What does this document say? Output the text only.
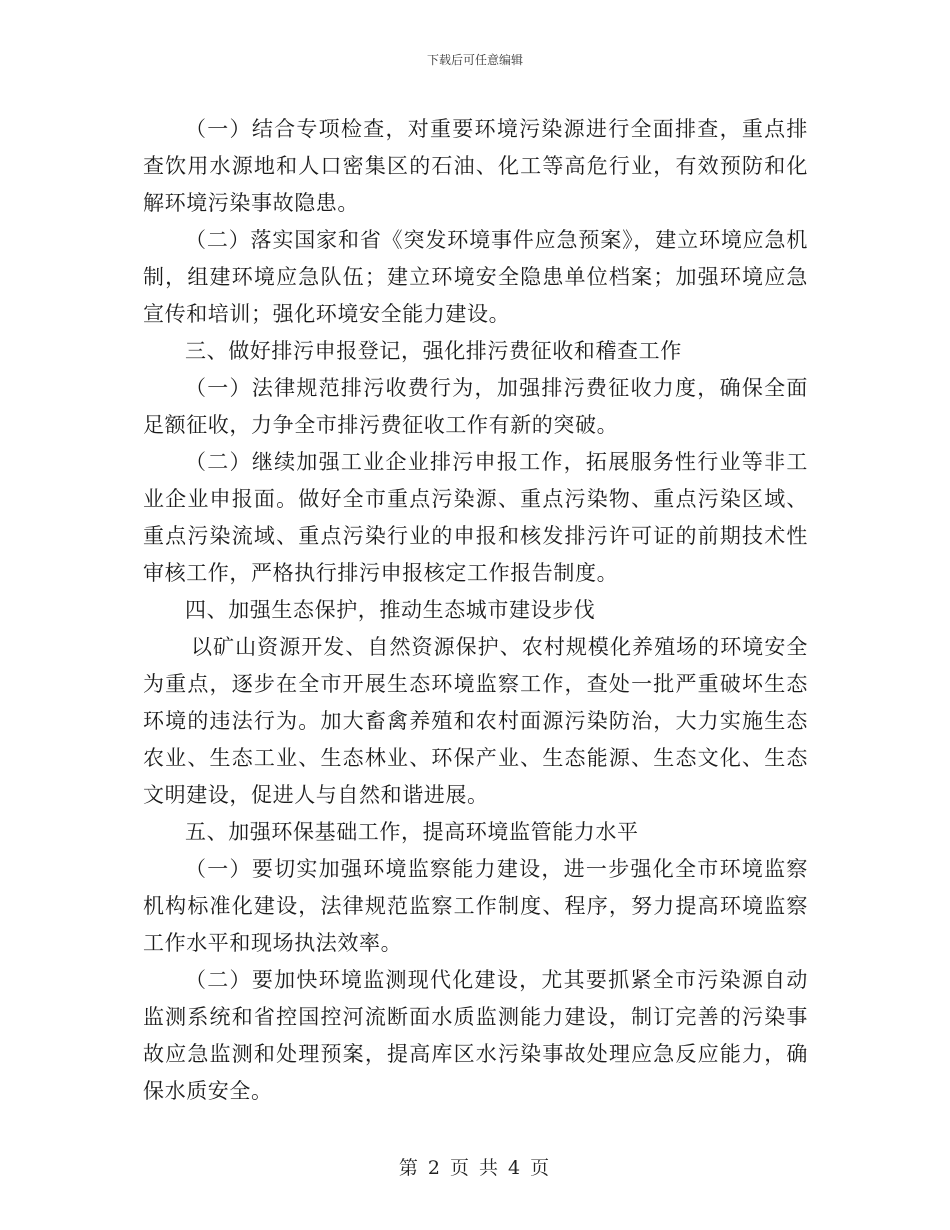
下载后可任意编辑

（一）结合专项检查，对重要环境污染源进行全面排查，重点排查饮用水源地和人口密集区的石油、化工等高危行业，有效预防和化解环境污染事故隐患。

（二）落实国家和省《突发环境事件应急预案》，建立环境应急机制，组建环境应急队伍；建立环境安全隐患单位档案；加强环境应急宣传和培训；强化环境安全能力建设。

三、做好排污申报登记，强化排污费征收和稽查工作

（一）法律规范排污收费行为，加强排污费征收力度，确保全面足额征收，力争全市排污费征收工作有新的突破。

（二）继续加强工业企业排污申报工作，拓展服务性行业等非工业企业申报面。做好全市重点污染源、重点污染物、重点污染区域、重点污染流域、重点污染行业的申报和核发排污许可证的前期技术性审核工作，严格执行排污申报核定工作报告制度。

四、加强生态保护，推动生态城市建设步伐

以矿山资源开发、自然资源保护、农村规模化养殖场的环境安全为重点，逐步在全市开展生态环境监察工作，查处一批严重破坏生态环境的违法行为。加大畜禽养殖和农村面源污染防治，大力实施生态农业、生态工业、生态林业、环保产业、生态能源、生态文化、生态文明建设，促进人与自然和谐进展。

五、加强环保基础工作，提高环境监管能力水平

（一）要切实加强环境监察能力建设，进一步强化全市环境监察机构标准化建设，法律规范监察工作制度、程序，努力提高环境监察工作水平和现场执法效率。

（二）要加快环境监测现代化建设，尤其要抓紧全市污染源自动监测系统和省控国控河流断面水质监测能力建设，制订完善的污染事故应急监测和处理预案，提高库区水污染事故处理应急反应能力，确保水质安全。

第 2 页 共 4 页
